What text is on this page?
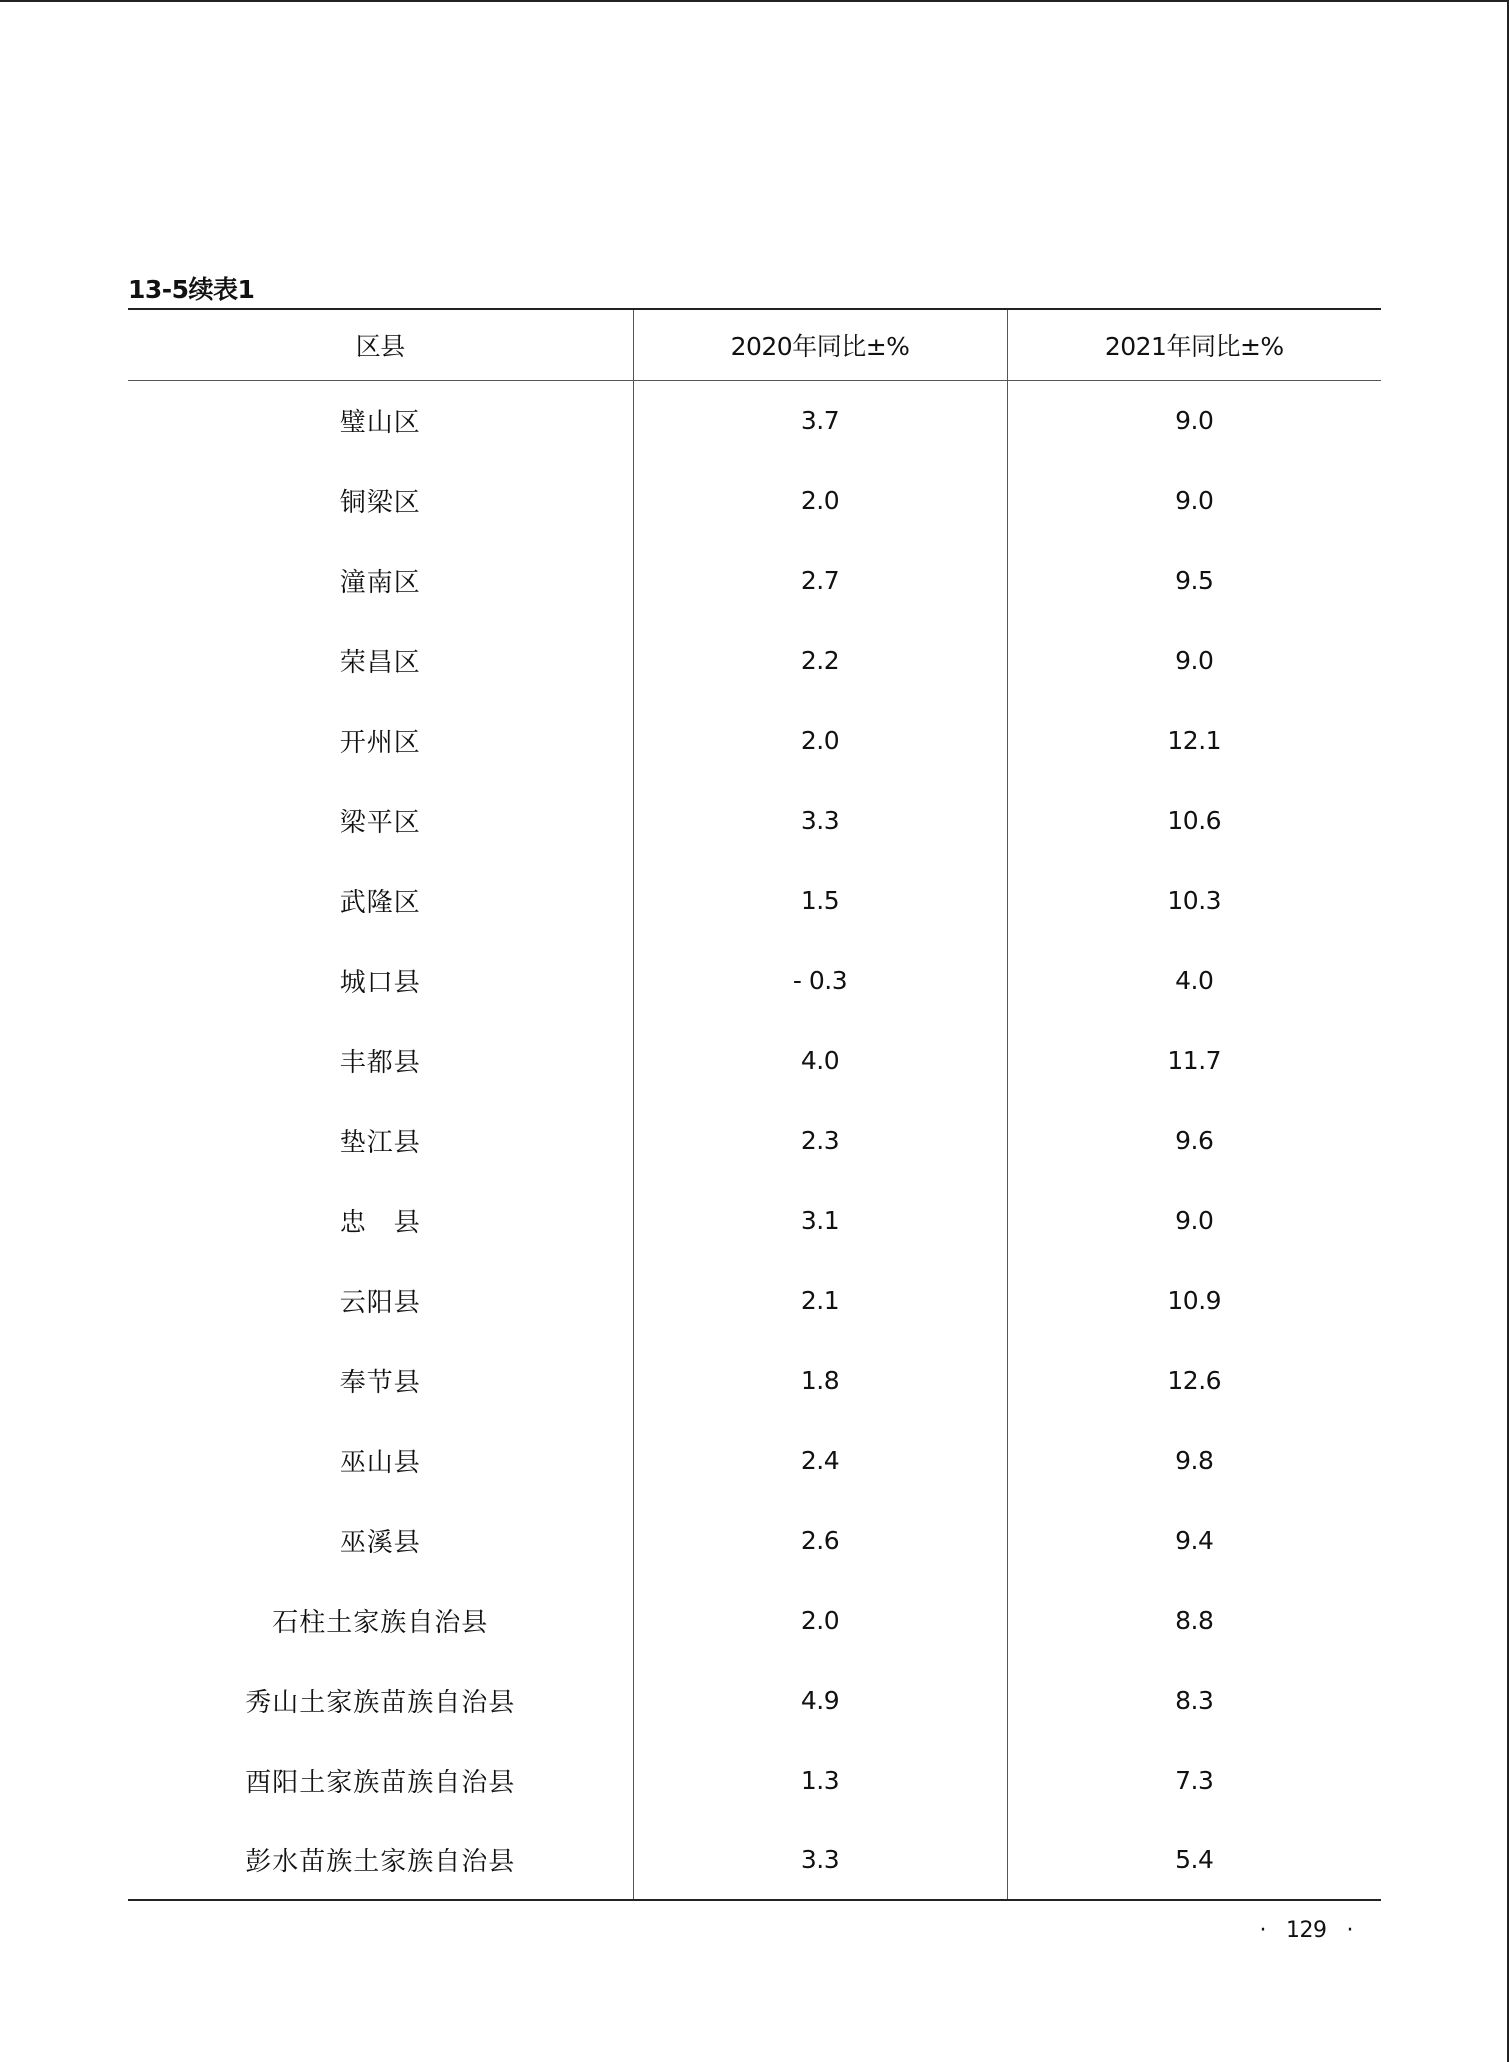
13-5续表1
区县	2020年同比±%	2021年同比±%
璧山区	3.7	9.0
铜梁区	2.0	9.0
潼南区	2.7	9.5
荣昌区	2.2	9.0
开州区	2.0	12.1
梁平区	3.3	10.6
武隆区	1.5	10.3
城口县	- 0.3	4.0
丰都县	4.0	11.7
垫江县	2.3	9.6
忠　县	3.1	9.0
云阳县	2.1	10.9
奉节县	1.8	12.6
巫山县	2.4	9.8
巫溪县	2.6	9.4
石柱土家族自治县	2.0	8.8
秀山土家族苗族自治县	4.9	8.3
酉阳土家族苗族自治县	1.3	7.3
彭水苗族土家族自治县	3.3	5.4
· 129 ·
